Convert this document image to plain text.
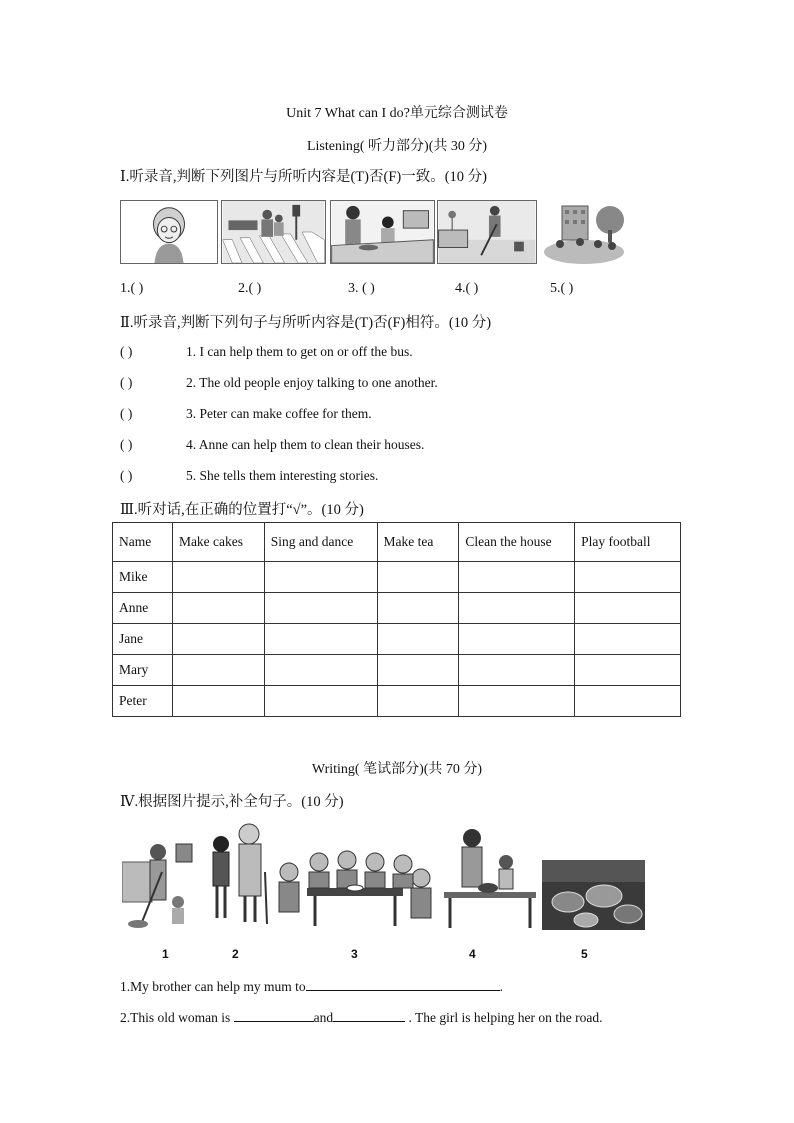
Unit 7 What can I do?单元综合测试卷
Listening( 听力部分)(共 30 分)
Ⅰ.听录音,判断下列图片与所听内容是(T)否(F)一致。(10 分)
1.( )	2.( )	3. ( )	4.( )	5.( )
Ⅱ.听录音,判断下列句子与所听内容是(T)否(F)相符。(10 分)
( )	1. I can help them to get on or off the bus.
( )	2. The old people enjoy talking to one another.
( )	3. Peter can make coffee for them.
( )	4. Anne can help them to clean their houses.
( )	5. She tells them interesting stories.
Ⅲ.听对话,在正确的位置打“√”。(10 分)
Name	Make cakes	Sing and dance	Make tea	Clean the house	Play football
Mike					
Anne					
Jane					
Mary					
Peter					
Writing( 笔试部分)(共 70 分)
Ⅳ.根据图片提示,补全句子。(10 分)
1	2	3	4	5
1.My brother can help my mum to	.
2.This old woman is	and	. The girl is helping her on the road.
